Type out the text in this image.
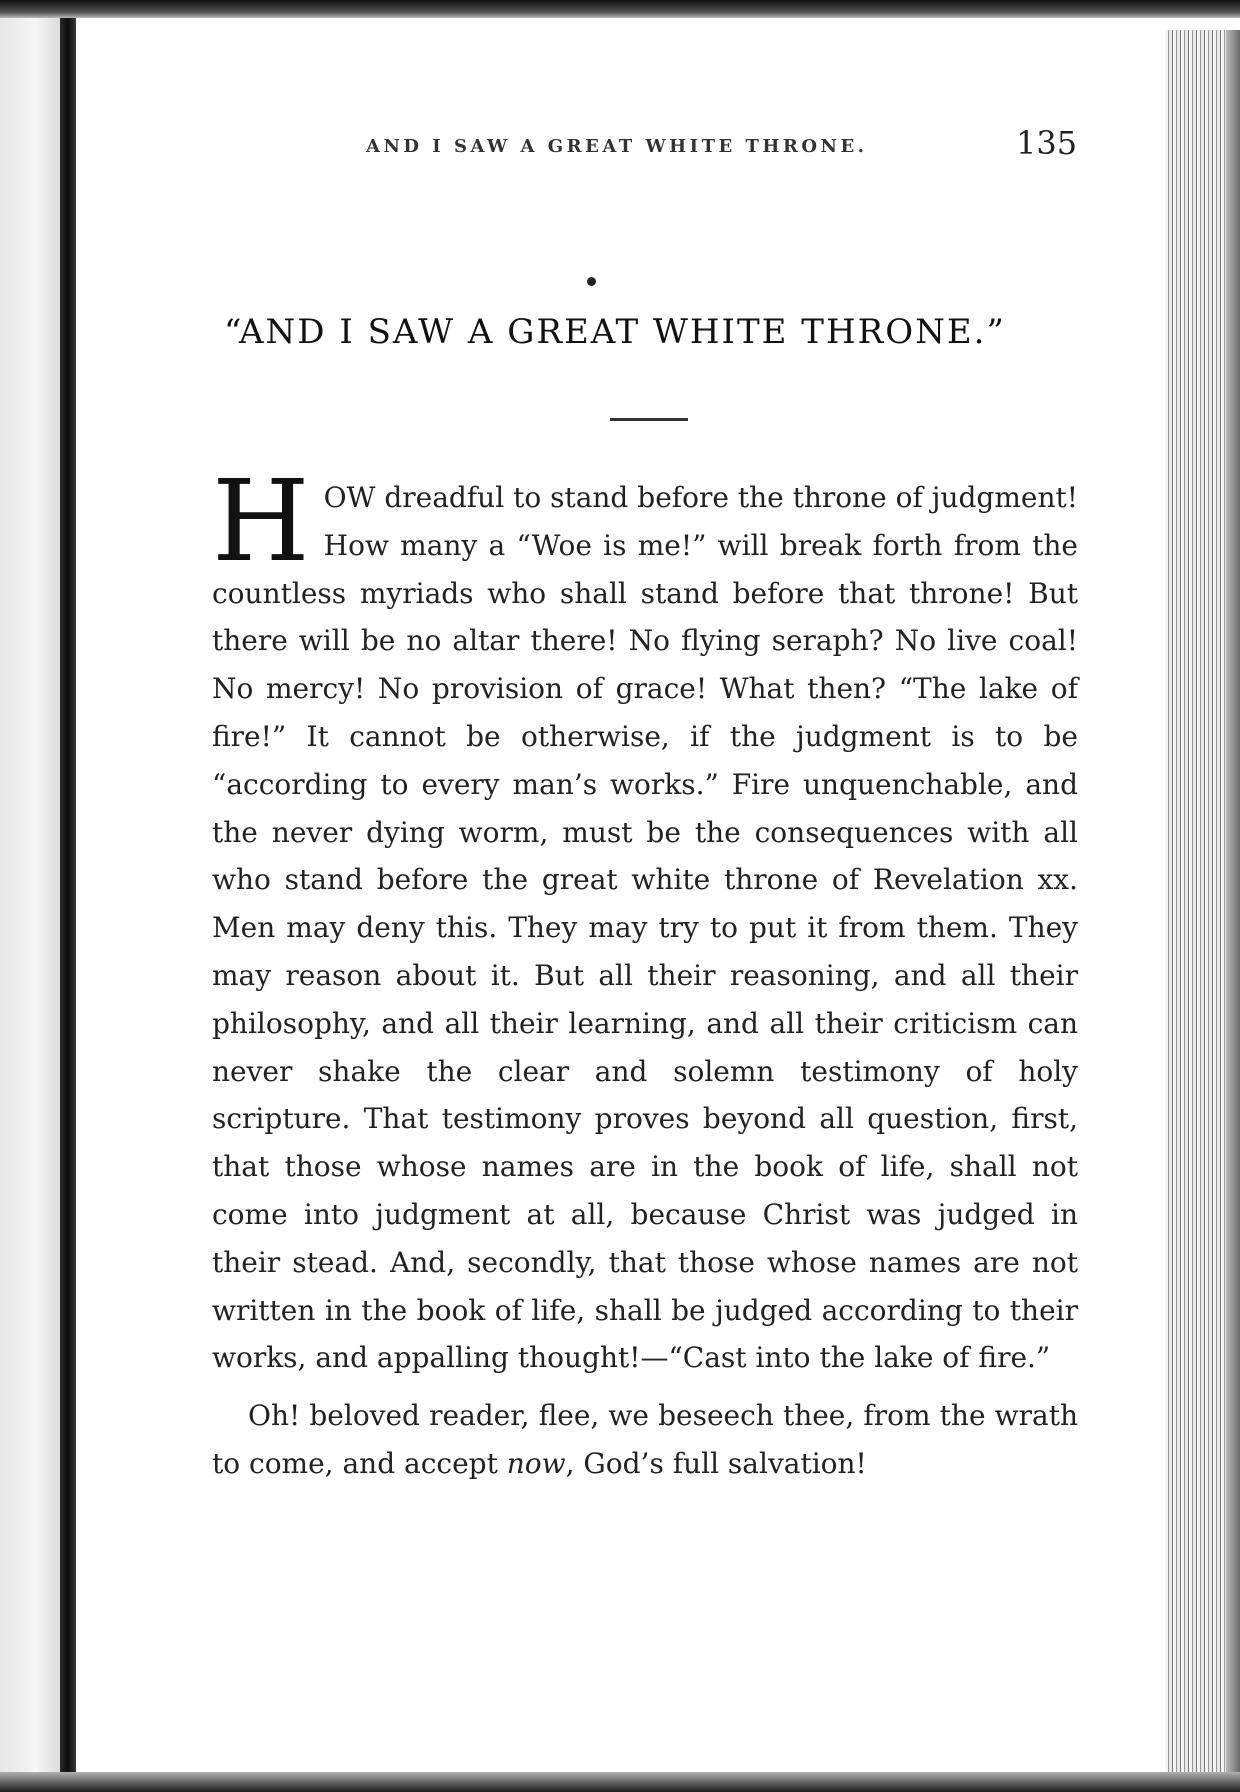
AND I SAW A GREAT WHITE THRONE.	135
“AND I SAW A GREAT WHITE THRONE.”

HOW dreadful to stand before the throne of judgment! How many a “Woe is me!” will break forth from the countless myriads who shall stand before that throne! But there will be no altar there! No flying seraph? No live coal! No mercy! No provision of grace! What then? “The lake of fire!” It cannot be otherwise, if the judgment is to be “according to every man’s works.” Fire unquenchable, and the never dying worm, must be the consequences with all who stand before the great white throne of Revelation xx. Men may deny this. They may try to put it from them. They may reason about it. But all their reasoning, and all their philosophy, and all their learning, and all their criticism can never shake the clear and solemn testimony of holy scripture. That testimony proves beyond all question, first, that those whose names are in the book of life, shall not come into judgment at all, because Christ was judged in their stead. And, secondly, that those whose names are not written in the book of life, shall be judged according to their works, and appalling thought!—“Cast into the lake of fire.”

Oh! beloved reader, flee, we beseech thee, from the wrath to come, and accept now, God’s full salvation!
